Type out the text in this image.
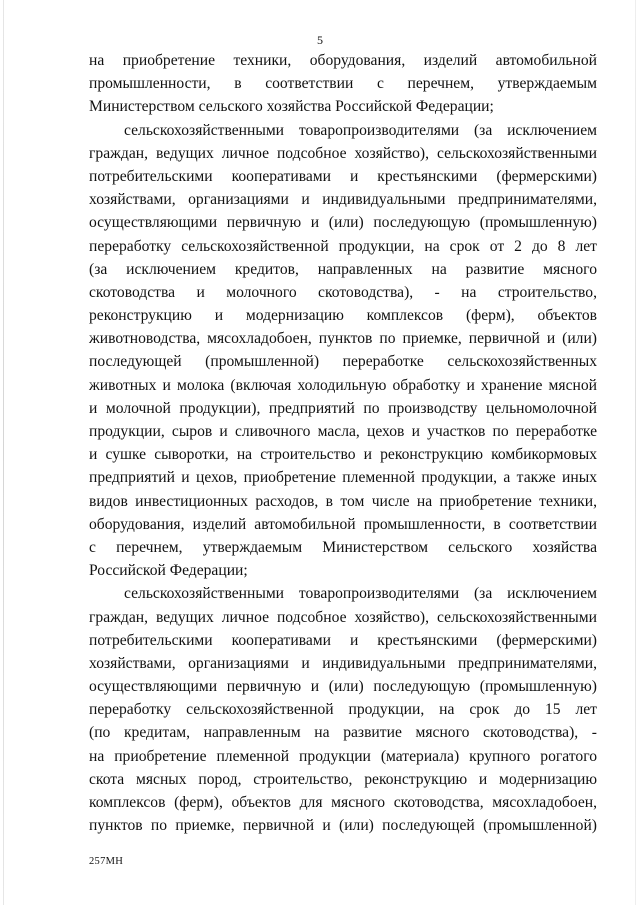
5
на приобретение техники, оборудования, изделий автомобильной
промышленности, в соответствии с перечнем, утверждаемым
Министерством сельского хозяйства Российской Федерации;
сельскохозяйственными товаропроизводителями (за исключением
граждан, ведущих личное подсобное хозяйство), сельскохозяйственными
потребительскими кооперативами и крестьянскими (фермерскими)
хозяйствами, организациями и индивидуальными предпринимателями,
осуществляющими первичную и (или) последующую (промышленную)
переработку сельскохозяйственной продукции, на срок от 2 до 8 лет
(за исключением кредитов, направленных на развитие мясного
скотоводства и молочного скотоводства), - на строительство,
реконструкцию и модернизацию комплексов (ферм), объектов
животноводства, мясохладобоен, пунктов по приемке, первичной и (или)
последующей (промышленной) переработке сельскохозяйственных
животных и молока (включая холодильную обработку и хранение мясной
и молочной продукции), предприятий по производству цельномолочной
продукции, сыров и сливочного масла, цехов и участков по переработке
и сушке сыворотки, на строительство и реконструкцию комбикормовых
предприятий и цехов, приобретение племенной продукции, а также иных
видов инвестиционных расходов, в том числе на приобретение техники,
оборудования, изделий автомобильной промышленности, в соответствии
с перечнем, утверждаемым Министерством сельского хозяйства
Российской Федерации;
сельскохозяйственными товаропроизводителями (за исключением
граждан, ведущих личное подсобное хозяйство), сельскохозяйственными
потребительскими кооперативами и крестьянскими (фермерскими)
хозяйствами, организациями и индивидуальными предпринимателями,
осуществляющими первичную и (или) последующую (промышленную)
переработку сельскохозяйственной продукции, на срок до 15 лет
(по кредитам, направленным на развитие мясного скотоводства), -
на приобретение племенной продукции (материала) крупного рогатого
скота мясных пород, строительство, реконструкцию и модернизацию
комплексов (ферм), объектов для мясного скотоводства, мясохладобоен,
пунктов по приемке, первичной и (или) последующей (промышленной)
257МН
